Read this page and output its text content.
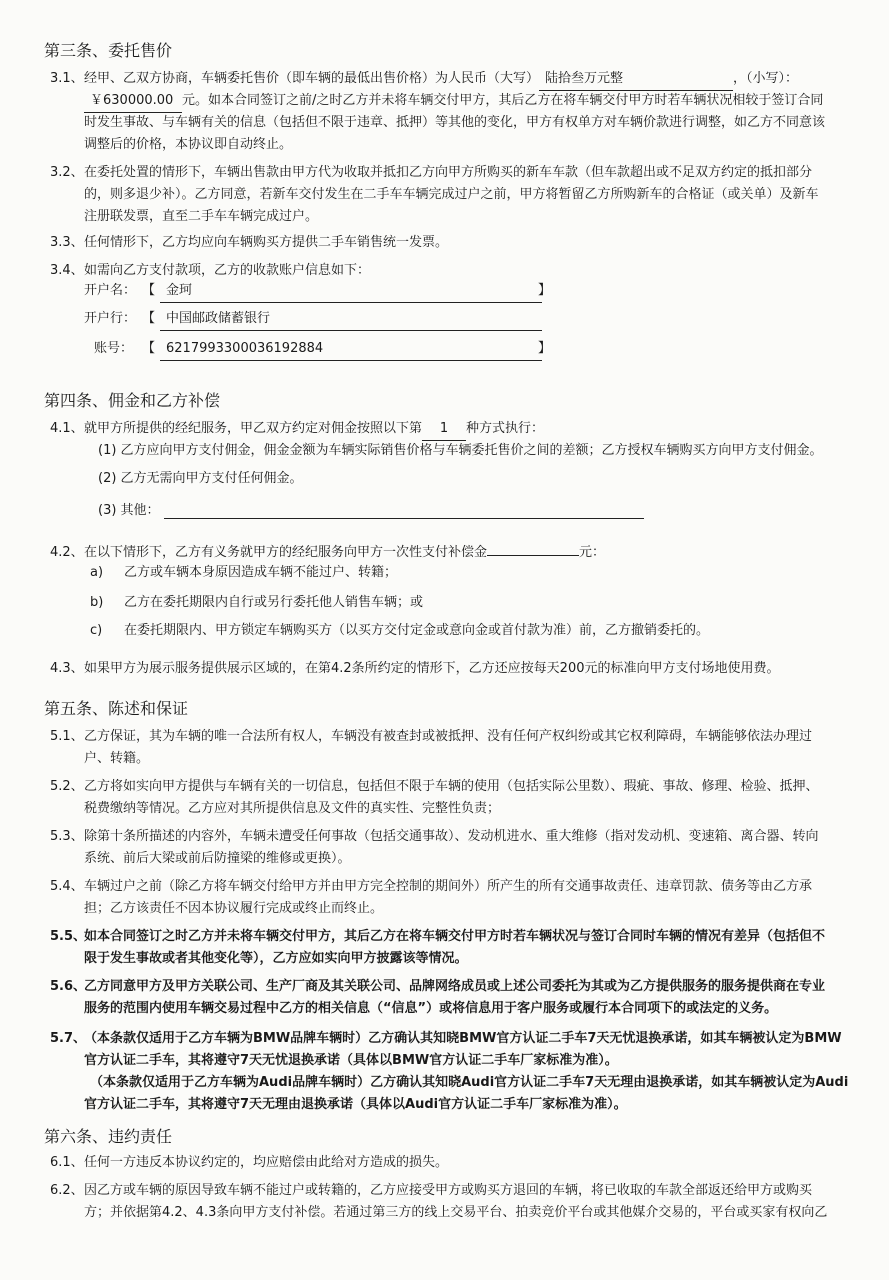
第三条、委托售价
3.1、经甲、乙双方协商，车辆委托售价（即车辆的最低出售价格）为人民币（大写） 陆拾叁万元整	，（小写）：
￥630000.00 元。如本合同签订之前/之时乙方并未将车辆交付甲方，其后乙方在将车辆交付甲方时若车辆状况相较于签订合同
时发生事故、与车辆有关的信息（包括但不限于违章、抵押）等其他的变化，甲方有权单方对车辆价款进行调整，如乙方不同意该
调整后的价格，本协议即自动终止。
3.2、在委托处置的情形下，车辆出售款由甲方代为收取并抵扣乙方向甲方所购买的新车车款（但车款超出或不足双方约定的抵扣部分
的，则多退少补）。乙方同意，若新车交付发生在二手车车辆完成过户之前，甲方将暂留乙方所购新车的合格证（或关单）及新车
注册联发票，直至二手车车辆完成过户。
3.3、任何情形下，乙方均应向车辆购买方提供二手车销售统一发票。
3.4、如需向乙方支付款项，乙方的收款账户信息如下：
开户名： 【 金珂	】
开户行： 【 中国邮政储蓄银行
账号： 【 6217993300036192884	】
第四条、佣金和乙方补偿
4.1、就甲方所提供的经纪服务，甲乙双方约定对佣金按照以下第 1 种方式执行：
(1) 乙方应向甲方支付佣金，佣金金额为车辆实际销售价格与车辆委托售价之间的差额；乙方授权车辆购买方向甲方支付佣金。
(2) 乙方无需向甲方支付任何佣金。
(3) 其他：
4.2、在以下情形下，乙方有义务就甲方的经纪服务向甲方一次性支付补偿金	元：
a) 乙方或车辆本身原因造成车辆不能过户、转籍；
b) 乙方在委托期限内自行或另行委托他人销售车辆；或
c) 在委托期限内、甲方锁定车辆购买方（以买方交付定金或意向金或首付款为准）前，乙方撤销委托的。
4.3、如果甲方为展示服务提供展示区域的，在第4.2条所约定的情形下，乙方还应按每天200元的标准向甲方支付场地使用费。
第五条、陈述和保证
5.1、乙方保证，其为车辆的唯一合法所有权人，车辆没有被查封或被抵押、没有任何产权纠纷或其它权利障碍，车辆能够依法办理过
户、转籍。
5.2、乙方将如实向甲方提供与车辆有关的一切信息，包括但不限于车辆的使用（包括实际公里数）、瑕疵、事故、修理、检验、抵押、
税费缴纳等情况。乙方应对其所提供信息及文件的真实性、完整性负责；
5.3、除第十条所描述的内容外，车辆未遭受任何事故（包括交通事故）、发动机进水、重大维修（指对发动机、变速箱、离合器、转向
系统、前后大梁或前后防撞梁的维修或更换）。
5.4、车辆过户之前（除乙方将车辆交付给甲方并由甲方完全控制的期间外）所产生的所有交通事故责任、违章罚款、债务等由乙方承
担；乙方该责任不因本协议履行完成或终止而终止。
5.5、如本合同签订之时乙方并未将车辆交付甲方，其后乙方在将车辆交付甲方时若车辆状况与签订合同时车辆的情况有差异（包括但不
限于发生事故或者其他变化等），乙方应如实向甲方披露该等情况。
5.6、乙方同意甲方及甲方关联公司、生产厂商及其关联公司、品牌网络成员或上述公司委托为其或为乙方提供服务的服务提供商在专业
服务的范围内使用车辆交易过程中乙方的相关信息（“信息”）或将信息用于客户服务或履行本合同项下的或法定的义务。
5.7、（本条款仅适用于乙方车辆为BMW品牌车辆时）乙方确认其知晓BMW官方认证二手车7天无忧退换承诺，如其车辆被认定为BMW
官方认证二手车，其将遵守7天无忧退换承诺（具体以BMW官方认证二手车厂家标准为准）。
（本条款仅适用于乙方车辆为Audi品牌车辆时）乙方确认其知晓Audi官方认证二手车7天无理由退换承诺，如其车辆被认定为Audi
官方认证二手车，其将遵守7天无理由退换承诺（具体以Audi官方认证二手车厂家标准为准）。
第六条、违约责任
6.1、任何一方违反本协议约定的，均应赔偿由此给对方造成的损失。
6.2、因乙方或车辆的原因导致车辆不能过户或转籍的，乙方应接受甲方或购买方退回的车辆，将已收取的车款全部返还给甲方或购买
方；并依据第4.2、4.3条向甲方支付补偿。若通过第三方的线上交易平台、拍卖竞价平台或其他媒介交易的，平台或买家有权向乙
